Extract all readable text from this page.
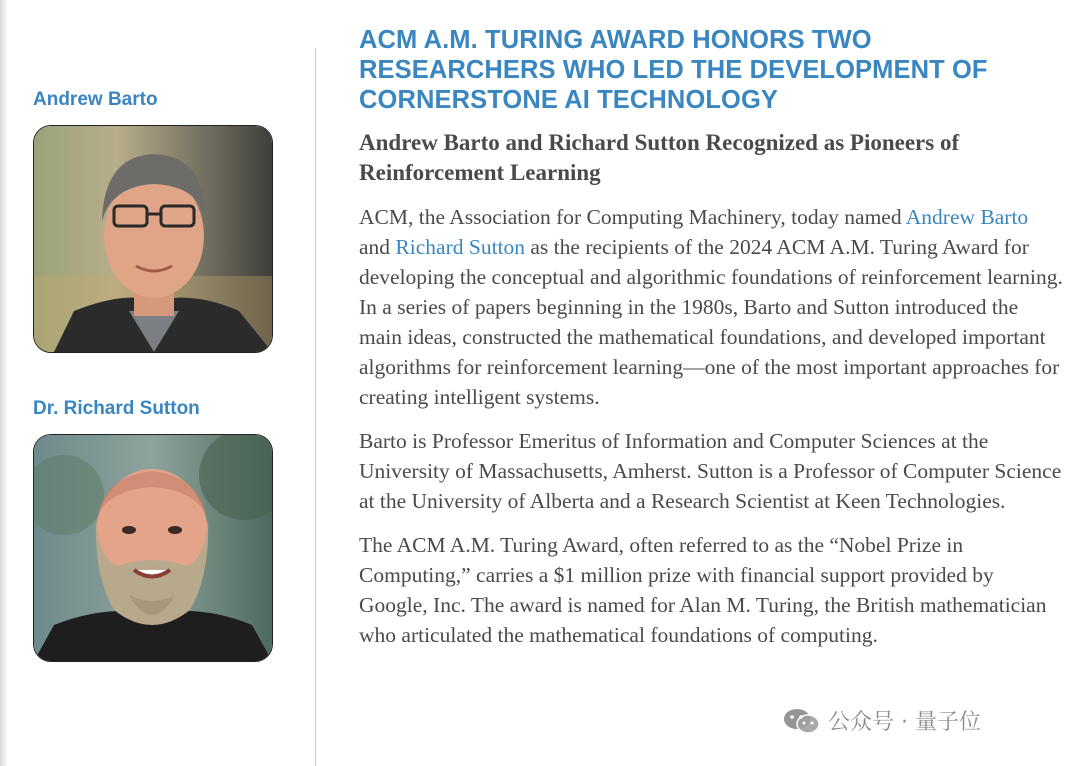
Andrew Barto
Dr. Richard Sutton
ACM A.M. TURING AWARD HONORS TWO RESEARCHERS WHO LED THE DEVELOPMENT OF CORNERSTONE AI TECHNOLOGY
Andrew Barto and Richard Sutton Recognized as Pioneers of Reinforcement Learning

ACM, the Association for Computing Machinery, today named Andrew Barto and Richard Sutton as the recipients of the 2024 ACM A.M. Turing Award for developing the conceptual and algorithmic foundations of reinforcement learning. In a series of papers beginning in the 1980s, Barto and Sutton introduced the main ideas, constructed the mathematical foundations, and developed important algorithms for reinforcement learning—one of the most important approaches for creating intelligent systems.

Barto is Professor Emeritus of Information and Computer Sciences at the University of Massachusetts, Amherst. Sutton is a Professor of Computer Science at the University of Alberta and a Research Scientist at Keen Technologies.

The ACM A.M. Turing Award, often referred to as the “Nobel Prize in Computing,” carries a $1 million prize with financial support provided by Google, Inc. The award is named for Alan M. Turing, the British mathematician who articulated the mathematical foundations of computing.

公众号 · 量子位
